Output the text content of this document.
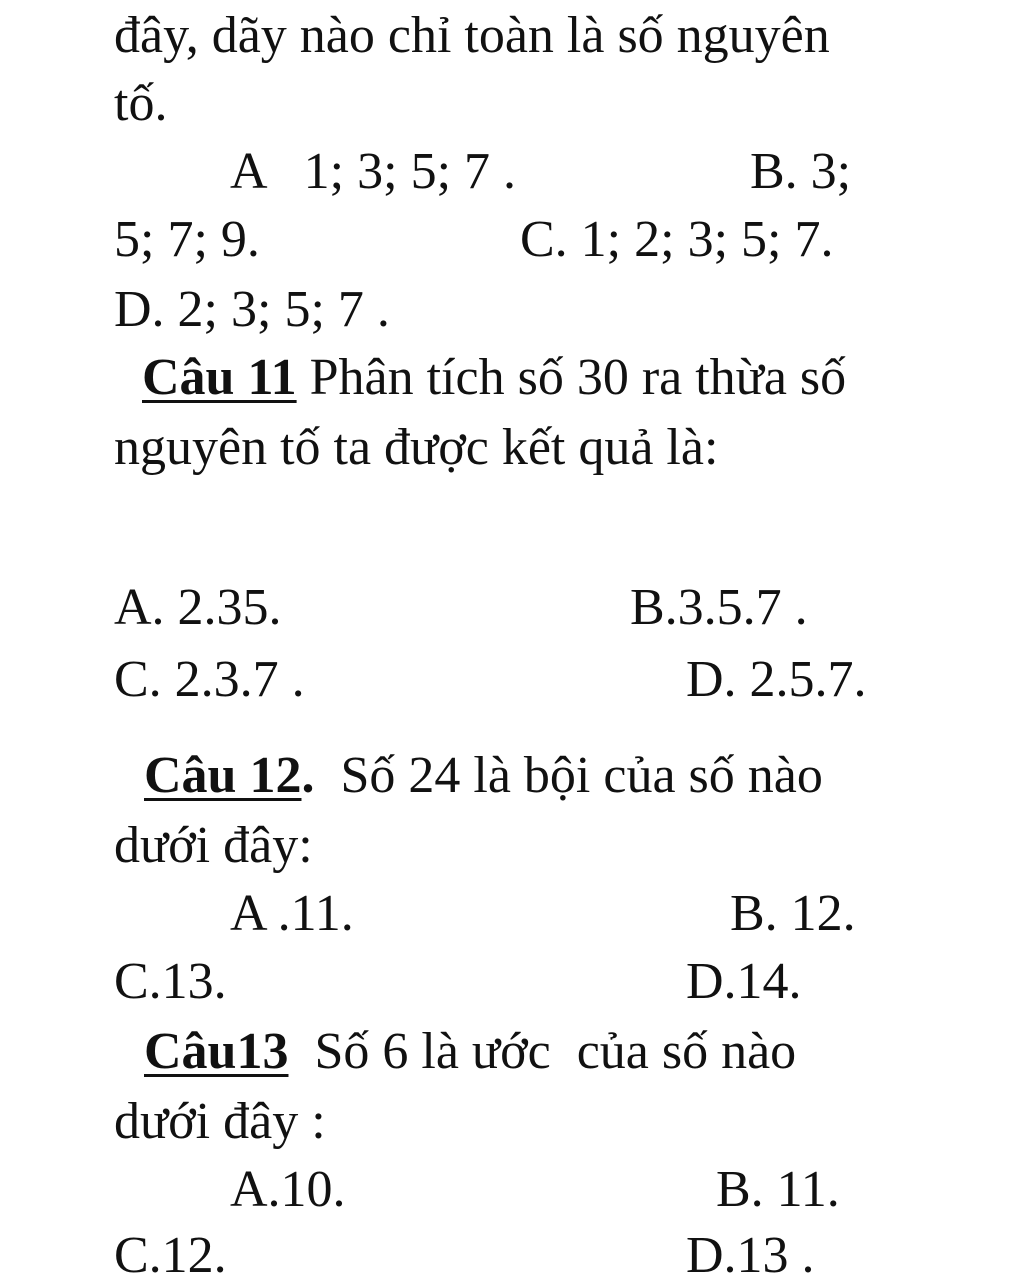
đây, dãy nào chỉ toàn là số nguyên

tố.

A   1; 3; 5; 7 .	B. 3;

5; 7; 9.	C. 1; 2; 3; 5; 7.

D. 2; 3; 5; 7 .

Câu 11 Phân tích số 30 ra thừa số

nguyên tố ta được kết quả là:

A. 2.35.	B.3.5.7 .

C. 2.3.7 .	D. 2.5.7.

Câu 12.  Số 24 là bội của số nào

dưới đây:

A .11.	B. 12.

C.13.	D.14.

Câu13  Số 6 là ước  của số nào

dưới đây :

A.10.	B. 11.

C.12.	D.13 .
